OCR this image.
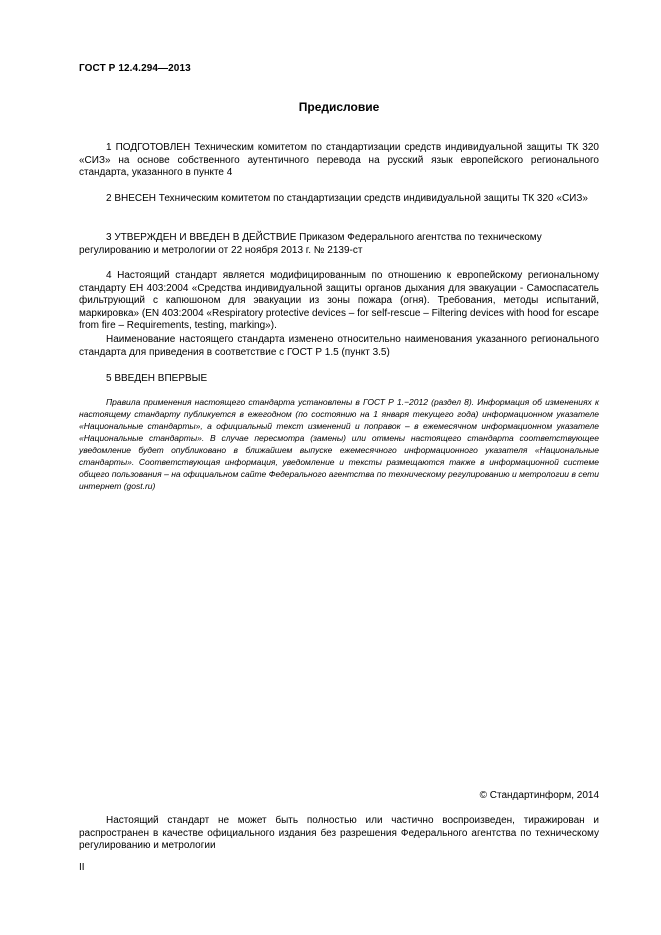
ГОСТ Р 12.4.294—2013
Предисловие

1 ПОДГОТОВЛЕН Техническим комитетом по стандартизации средств индивидуальной защиты ТК 320 «СИЗ» на основе собственного аутентичного перевода на русский язык европейского регионального стандарта, указанного в пункте 4

2 ВНЕСЕН Техническим комитетом по стандартизации средств индивидуальной защиты ТК 320 «СИЗ»

3 УТВЕРЖДЕН И ВВЕДЕН В ДЕЙСТВИЕ Приказом Федерального агентства по техническому регулированию и метрологии от 22 ноября 2013 г. № 2139-ст

4 Настоящий стандарт является модифицированным по отношению к европейскому региональному стандарту ЕН 403:2004 «Средства индивидуальной защиты органов дыхания для эвакуации - Самоспасатель фильтрующий с капюшоном для эвакуации из зоны пожара (огня). Требования, методы испытаний, маркировка» (EN 403:2004 «Respiratory protective devices – for self-rescue – Filtering devices with hood for escape from fire – Requirements, testing, marking»).

Наименование настоящего стандарта изменено относительно наименования указанного регионального стандарта для приведения в соответствие с ГОСТ Р 1.5 (пункт 3.5)

5 ВВЕДЕН ВПЕРВЫЕ

Правила применения настоящего стандарта установлены в ГОСТ Р 1.−2012 (раздел 8). Информация об изменениях к настоящему стандарту публикуется в ежегодном (по состоянию на 1 января текущего года) информационном указателе «Национальные стандарты», а официальный текст изменений и поправок – в ежемесячном информационном указателе «Национальные стандарты». В случае пересмотра (замены) или отмены настоящего стандарта соответствующее уведомление будет опубликовано в ближайшем выпуске ежемесячного информационного указателя «Национальные стандарты». Соответствующая информация, уведомление и тексты размещаются также в информационной системе общего пользования – на официальном сайте Федерального агентства по техническому регулированию и метрологии в сети интернет (gost.ru)

© Стандартинформ, 2014

Настоящий стандарт не может быть полностью или частично воспроизведен, тиражирован и распространен в качестве официального издания без разрешения Федерального агентства по техническому регулированию и метрологии

II
